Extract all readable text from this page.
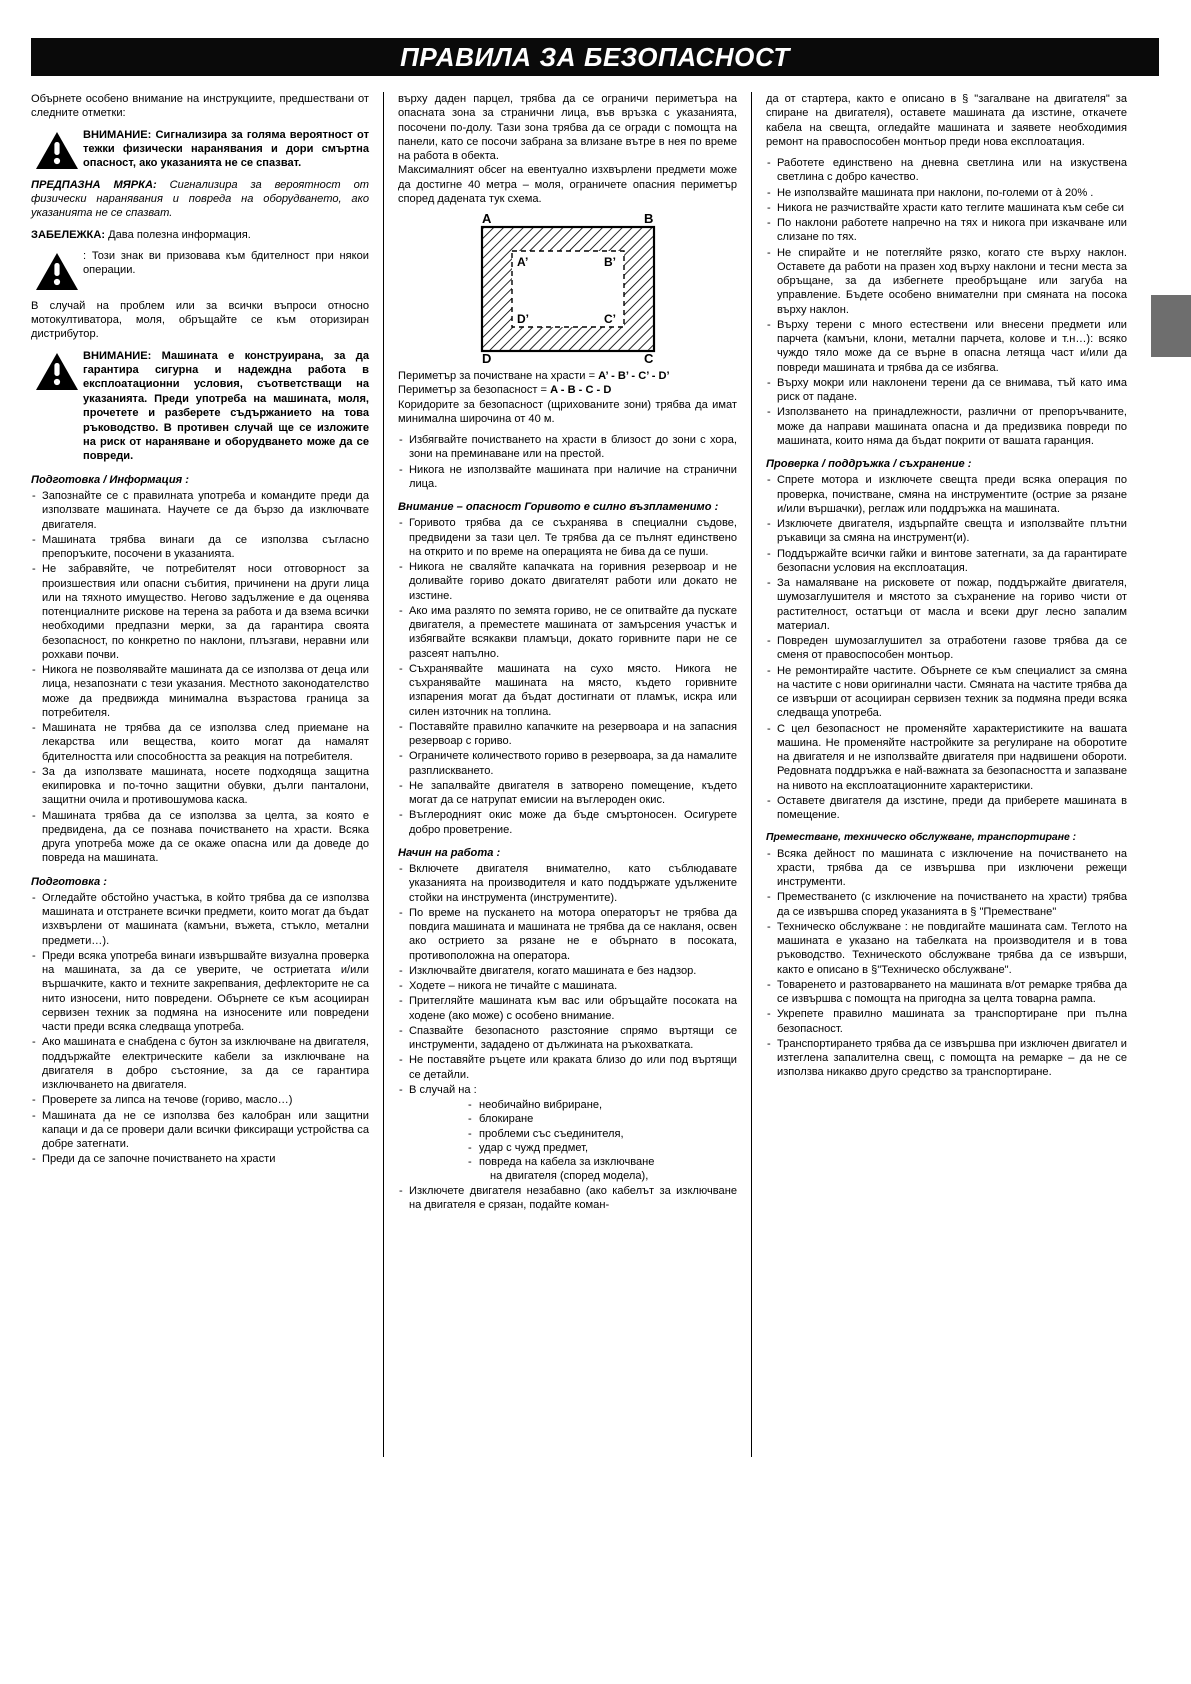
ПРАВИЛА ЗА БЕЗОПАСНОСТ

Обърнете особено внимание на инструкциите, предшествани от следните отметки:

ВНИМАНИЕ: Сигнализира за голяма вероятност от тежки физически наранявания и дори смъртна опасност, ако указанията не се спазват.

ПРЕДПАЗНА МЯРКА: Сигнализира за вероятност от физически наранявания и повреда на оборудването, ако указанията не се спазват.

ЗАБЕЛЕЖКА: Дава полезна информация.

: Този знак ви призовава към бдителност при някои операции.

В случай на проблем или за всички въпроси относно мотокултиватора, моля, обръщайте се към оторизиран дистрибутор.

ВНИМАНИЕ: Машината е конструирана, за да гарантира сигурна и надеждна работа в експлоатационни условия, съответстващи на указанията. Преди употреба на машината, моля, прочетете и разберете съдържанието на това ръководство. В противен случай ще се изложите на риск от нараняване и оборудването може да се повреди.
Подготовка / Информация :
- Запознайте се с правилната употреба и командите преди да използвате машината. Научете се да бързо да изключвате двигателя.
- Машината трябва винаги да се използва съгласно препоръките, посочени в указанията.
- Не забравяйте, че потребителят носи отговорност за произшествия или опасни събития, причинени на други лица или на тяхното имущество. Негово задължение е да оценява потенциалните рискове на терена за работа и да взема всички необходими предпазни мерки, за да гарантира своята безопасност, по конкретно по наклони, плъзгави, неравни или рохкави почви.
- Никога не позволявайте машината да се използва от деца или лица, незапознати с тези указания. Местното законодателство може да предвижда минимална възрастова граница за потребителя.
- Машината не трябва да се използва след приемане на лекарства или вещества, които могат да намалят бдителността или способността за реакция на потребителя.
- За да използвате машината, носете подходяща защитна екипировка и по-точно защитни обувки, дълги панталони, защитни очила и противошумова каска.
- Машината трябва да се използва за целта, за която е предвидена, да се познава почистването на храсти. Всяка друга употреба може да се окаже опасна или да доведе до повреда на машината.
Подготовка :
- Огледайте обстойно участъка, в който трябва да се използва машината и отстранете всички предмети, които могат да бъдат изхвърлени от машината (камъни, въжета, стъкло, метални предмети…).
- Преди всяка употреба винаги извършвайте визуална проверка на машината, за да се уверите, че остриетата и/или вършачките, както и техните закрепвания, дефлекторите не са нито износени, нито повредени. Обърнете се към асоцииран сервизен техник за подмяна на износените или повредени части преди всяка следваща употреба.
- Ако машината е снабдена с бутон за изключване на двигателя, поддържайте електрическите кабели за изключване на двигателя в добро състояние, за да се гарантира изключването на двигателя.
- Проверете за липса на течове (гориво, масло…)
- Машината да не се използва без калобран или защитни капаци и да се провери дали всички фиксиращи устройства са добре затегнати.
- Преди да се започне почистването на храсти

върху даден парцел, трябва да се ограничи периметъра на опасната зона за странични лица, във връзка с указанията, посочени по-долу. Тази зона трябва да се огради с помощта на панели, като се посочи забрана за влизане вътре в нея по време на работа в обекта.

Максималният обсег на евентуално изхвърлени предмети може да достигне 40 метра – моля, ограничете опасния периметър според дадената тук схема.

A	B
D	C
A’	B’
D’	C’

Периметър за почистване на храсти = A’ - B’ - C’ - D’

Периметър за безопасност = A - B - C - D

Коридорите за безопасност (щрихованите зони) трябва да имат минимална широчина от 40 м.

- Избягвайте почистването на храсти в близост до зони с хора, зони на преминаване или на престой.
- Никога не използвайте машината при наличие на странични лица.
Внимание – опасност Горивото е силно възпламенимо :
- Горивото трябва да се съхранява в специални съдове, предвидени за тази цел. Те трябва да се пълнят единствено на открито и по време на операцията не бива да се пуши.
- Никога не сваляйте капачката на горивния резервоар и не доливайте гориво докато двигателят работи или докато не изстине.
- Ако има разлято по земята гориво, не се опитвайте да пускате двигателя, а преместете машината от замърсения участък и избягвайте всякакви пламъци, докато горивните пари не се разсеят напълно.
- Съхранявайте машината на сухо място. Никога не съхранявайте машината на място, където горивните изпарения могат да бъдат достигнати от пламък, искра или силен източник на топлина.
- Поставяйте правилно капачките на резервоара и на запасния резервоар с гориво.
- Ограничете количеството гориво в резервоара, за да намалите разплискването.
- Не запалвайте двигателя в затворено помещение, където могат да се натрупат емисии на въглероден окис.
- Въглеродният окис може да бъде смъртоносен. Осигурете добро проветрение.
Начин на работа :
- Включете двигателя внимателно, като съблюдавате указанията на производителя и като поддържате удължените стойки на инструмента (инструментите).
- По време на пускането на мотора операторът не трябва да повдига машината и машината не трябва да се накланя, освен ако острието за рязане не е обърнато в посоката, противоположна на оператора.
- Изключвайте двигателя, когато машината е без надзор.
- Ходете – никога не тичайте с машината.
- Притегляйте машината към вас или обръщайте посоката на ходене (ако може) с особено внимание.
- Спазвайте безопасното разстояние спрямо въртящи се инструменти, зададено от дължината на ръкохватката.
- Не поставяйте ръцете или краката близо до или под въртящи се детайли.
- В случай на :
- необичайно вибриране,
- блокиране
- проблеми със съединителя,
- удар с чужд предмет,
- повреда на кабела за изключване
на двигателя (според модела),
- Изключете двигателя незабавно (ако кабелът за изключване на двигателя е срязан, подайте коман-

да от стартера, както е описано в § "загалване на двигателя" за спиране на двигателя), оставете машината да изстине, откачете кабела на свещта, огледайте машината и заявете необходимия ремонт на правоспособен монтьор преди нова експлоатация.

- Работете единствено на дневна светлина или на изкуствена светлина с добро качество.
- Не използвайте машината при наклони, по-големи от à 20% .
- Никога не разчиствайте храсти като теглите машината към себе си
- По наклони работете напречно на тях и никога при изкачване или слизане по тях.
- Не спирайте и не потегляйте рязко, когато сте върху наклон. Оставете да работи на празен ход върху наклони и тесни места за обръщане, за да избегнете преобръщане или загуба на управление. Бъдете особено внимателни при смяната на посока върху наклон.
- Върху терени с много естествени или внесени предмети или парчета (камъни, клони, метални парчета, колове и т.н…): всяко чуждо тяло може да се върне в опасна летяща част и/или да повреди машината и трябва да се избягва.
- Върху мокри или наклонени терени да се внимава, тъй като има риск от падане.
- Използването на принадлежности, различни от препоръчваните, може да направи машината опасна и да предизвика повреди по машината, които няма да бъдат покрити от вашата гаранция.
Проверка / поддръжка / съхранение :
- Спрете мотора и изключете свещта преди всяка операция по проверка, почистване, смяна на инструментите (острие за рязане и/или вършачки), реглаж или поддръжка на машината.
- Изключете двигателя, издърпайте свещта и използвайте плътни ръкавици за смяна на инструмент(и).
- Поддържайте всички гайки и винтове затегнати, за да гарантирате безопасни условия на експлоатация.
- За намаляване на рисковете от пожар, поддържайте двигателя, шумозаглушителя и мястото за съхранение на гориво чисти от растителност, остатъци от масла и всеки друг лесно запалим материал.
- Повреден шумозаглушител за отработени газове трябва да се сменя от правоспособен монтьор.
- Не ремонтирайте частите. Обърнете се към специалист за смяна на частите с нови оригинални части. Смяната на частите трябва да се извърши от асоцииран сервизен техник за подмяна преди всяка следваща употреба.
- С цел безопасност не променяйте характеристиките на вашата машина. Не променяйте настройките за регулиране на оборотите на двигателя и не използвайте двигателя при надвишени обороти. Редовната поддръжка е най-важната за безопасността и запазване на нивото на експлоатационните характеристики.
- Оставете двигателя да изстине, преди да приберете машината в помещение.
Преместване, техническо обслужване, транспортиране :
- Всяка дейност по машината с изключение на почистването на храсти, трябва да се извършва при изключени режещи инструменти.
- Преместването (с изключение на почистването на храсти) трябва да се извършва според указанията в § "Преместване"
- Техническо обслужване : не повдигайте машината сам. Теглото на машината е указано на табелката на производителя и в това ръководство. Техническото обслужване трябва да се извърши, както е описано в §"Техническо обслужване".
- Товаренето и разтоварването на машината в/от ремарке трябва да се извършва с помощта на пригодна за целта товарна рампа.
- Укрепете правилно машината за транспортиране при пълна безопасност.
- Транспортирането трябва да се извършва при изключен двигател и изтеглена запалителна свещ, с помощта на ремарке – да не се използва никакво друго средство за транспортиране.
